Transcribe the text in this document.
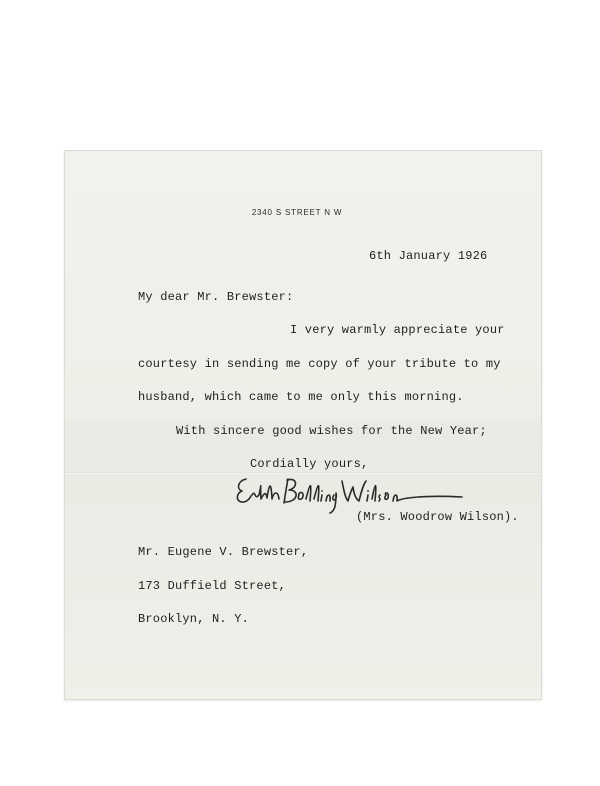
2340 S STREET N W
6th January 1926
My dear Mr. Brewster:
I very warmly appreciate your
courtesy in sending me copy of your tribute to my
husband, which came to me only this morning.
With sincere good wishes for the New Year;
Cordially yours,
(Mrs. Woodrow Wilson).
Mr. Eugene V. Brewster,
173 Duffield Street,
Brooklyn, N. Y.
